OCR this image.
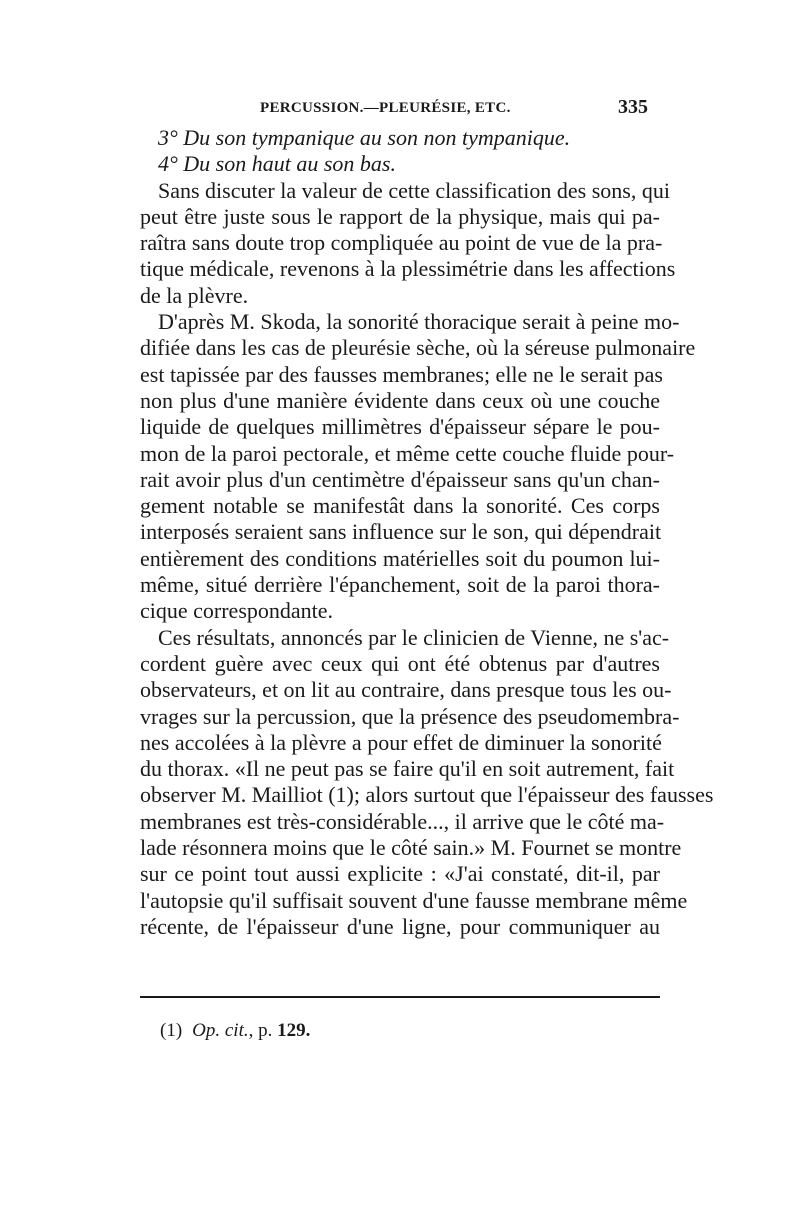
PERCUSSION.—PLEURÉSIE, ETC.	335
3° Du son tympanique au son non tympanique.
4° Du son haut au son bas.
Sans discuter la valeur de cette classification des sons, qui
peut être juste sous le rapport de la physique, mais qui pa-
raîtra sans doute trop compliquée au point de vue de la pra-
tique médicale, revenons à la plessimétrie dans les affections
de la plèvre.
D'après M. Skoda, la sonorité thoracique serait à peine mo-
difiée dans les cas de pleurésie sèche, où la séreuse pulmonaire
est tapissée par des fausses membranes; elle ne le serait pas
non plus d'une manière évidente dans ceux où une couche
liquide de quelques millimètres d'épaisseur sépare le pou-
mon de la paroi pectorale, et même cette couche fluide pour-
rait avoir plus d'un centimètre d'épaisseur sans qu'un chan-
gement notable se manifestât dans la sonorité. Ces corps
interposés seraient sans influence sur le son, qui dépendrait
entièrement des conditions matérielles soit du poumon lui-
même, situé derrière l'épanchement, soit de la paroi thora-
cique correspondante.
Ces résultats, annoncés par le clinicien de Vienne, ne s'ac-
cordent guère avec ceux qui ont été obtenus par d'autres
observateurs, et on lit au contraire, dans presque tous les ou-
vrages sur la percussion, que la présence des pseudomembra-
nes accolées à la plèvre a pour effet de diminuer la sonorité
du thorax. «Il ne peut pas se faire qu'il en soit autrement, fait
observer M. Mailliot (1); alors surtout que l'épaisseur des fausses
membranes est très-considérable..., il arrive que le côté ma-
lade résonnera moins que le côté sain.» M. Fournet se montre
sur ce point tout aussi explicite : «J'ai constaté, dit-il, par
l'autopsie qu'il suffisait souvent d'une fausse membrane même
récente, de l'épaisseur d'une ligne, pour communiquer au
(1) Op. cit., p. 129.
